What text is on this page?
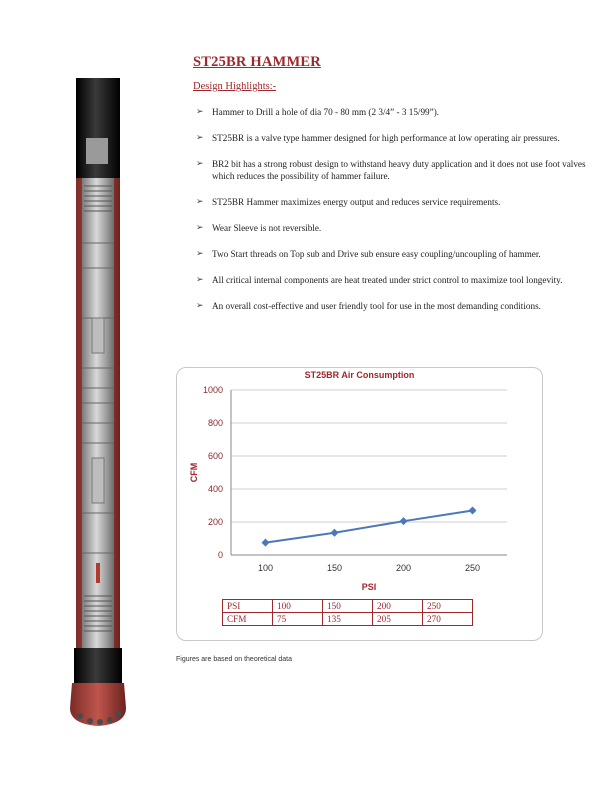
ST25BR HAMMER
Design Highlights:-
➢ Hammer to Drill a hole of dia 70 - 80 mm (2 3/4” - 3 15/99”).
➢ ST25BR is a valve type hammer designed for high performance at low operating air pressures.
➢ BR2 bit has a strong robust design to withstand heavy duty application and it does not use foot valves which reduces the possibility of hammer failure.
➢ ST25BR Hammer maximizes energy output and reduces service requirements.
➢ Wear Sleeve is not reversible.
➢ Two Start threads on Top sub and Drive sub ensure easy coupling/uncoupling of hammer.
➢ All critical internal components are heat treated under strict control to maximize tool longevity.
➢ An overall cost-effective and user friendly tool for use in the most demanding conditions.
ST25BR Air Consumption
0
200
400
600
800
1000
100	150	200	250
CFM
PSI
PSI	100	150	200	250
CFM	75	135	205	270
Figures are based on theoretical data
